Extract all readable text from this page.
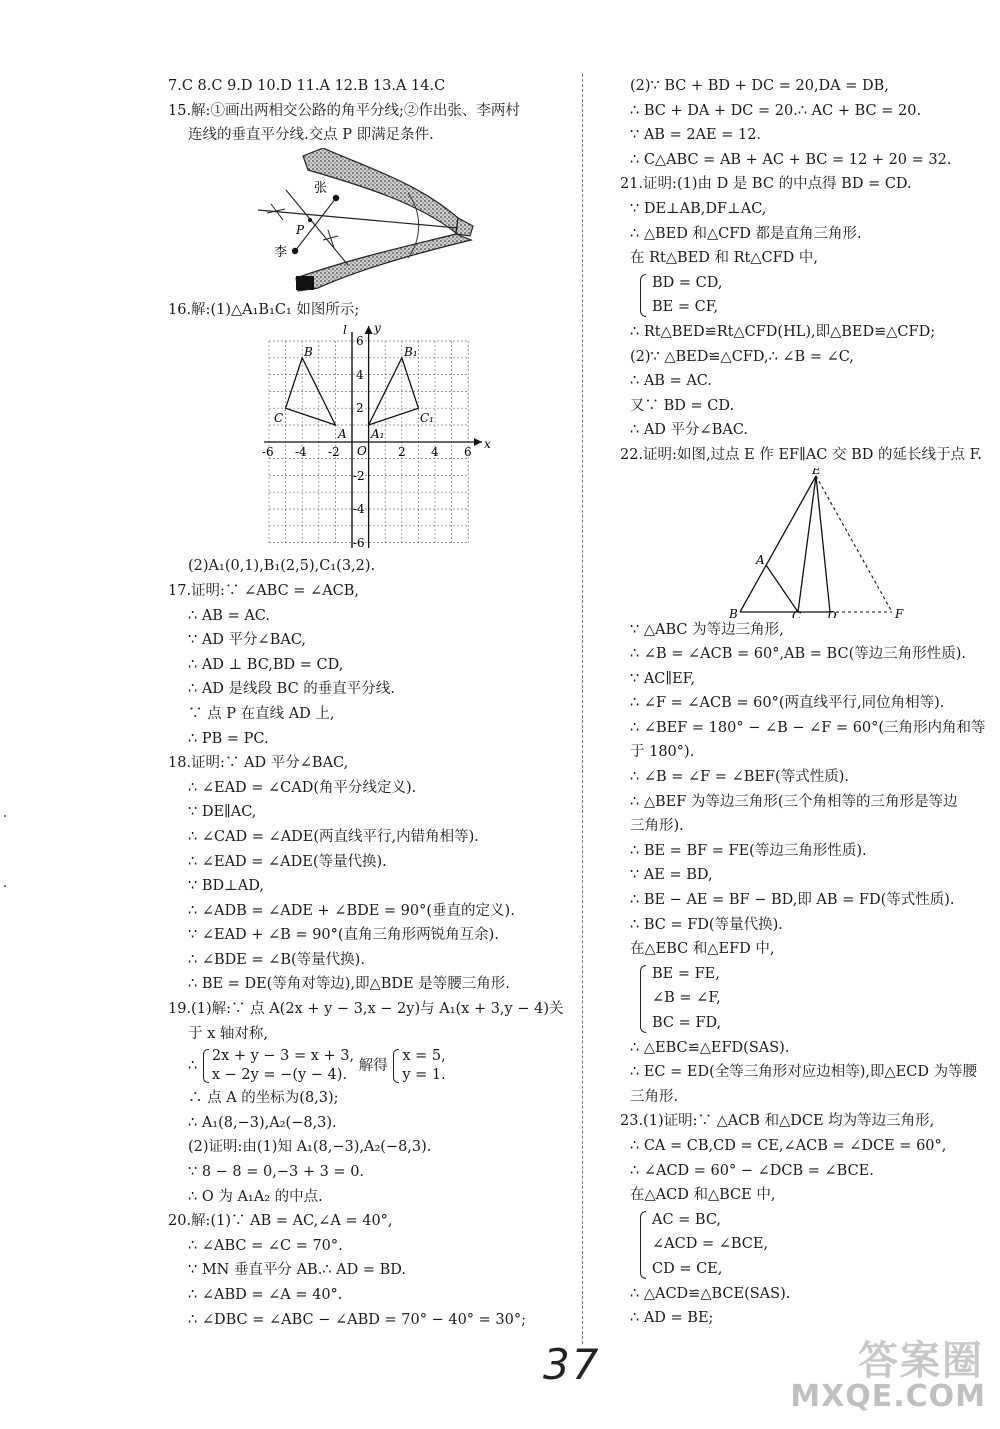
7.C 8.C 9.D 10.D 11.A 12.B 13.A 14.C
15.解:①画出两相交公路的角平分线;②作出张、李两村
连线的垂直平分线.交点 P 即满足条件.
张
李
P
16.解:(1)△A₁B₁C₁ 如图所示;
x
y
l
O
-6 -4 -2	2 4 6
6
4
2
-2
-4
-6
B
C
A
B₁
C₁
A₁
(2)A₁(0,1),B₁(2,5),C₁(3,2).
17.证明:∵ ∠ABC = ∠ACB,
∴ AB = AC.
∵ AD 平分∠BAC,
∴ AD ⊥ BC,BD = CD,
∴ AD 是线段 BC 的垂直平分线.
∵ 点 P 在直线 AD 上,
∴ PB = PC.
18.证明:∵ AD 平分∠BAC,
∴ ∠EAD = ∠CAD(角平分线定义).
∵ DE∥AC,
∴ ∠CAD = ∠ADE(两直线平行,内错角相等).
∴ ∠EAD = ∠ADE(等量代换).
∵ BD⊥AD,
∴ ∠ADB = ∠ADE + ∠BDE = 90°(垂直的定义).
∵ ∠EAD + ∠B = 90°(直角三角形两锐角互余).
∴ ∠BDE = ∠B(等量代换).
∴ BE = DE(等角对等边),即△BDE 是等腰三角形.
19.(1)解:∵ 点 A(2x + y − 3,x − 2y)与 A₁(x + 3,y − 4)关
于 x 轴对称,
∴
2x + y − 3 = x + 3,
x − 2y = −(y − 4).
解得
x = 5,
y = 1.
∴ 点 A 的坐标为(8,3);
∴ A₁(8,−3),A₂(−8,3).
(2)证明:由(1)知 A₁(8,−3),A₂(−8,3).
∵ 8 − 8 = 0,−3 + 3 = 0.
∴ O 为 A₁A₂ 的中点.
20.解:(1)∵ AB = AC,∠A = 40°,
∴ ∠ABC = ∠C = 70°.
∵ MN 垂直平分 AB.∴ AD = BD.
∴ ∠ABD = ∠A = 40°.
∴ ∠DBC = ∠ABC − ∠ABD = 70° − 40° = 30°;
(2)∵ BC + BD + DC = 20,DA = DB,
∴ BC + DA + DC = 20.∴ AC + BC = 20.
∵ AB = 2AE = 12.
∴ C△ABC = AB + AC + BC = 12 + 20 = 32.
21.证明:(1)由 D 是 BC 的中点得 BD = CD.
∵ DE⊥AB,DF⊥AC,
∴ △BED 和△CFD 都是直角三角形.
在 Rt△BED 和 Rt△CFD 中,
BD = CD,
BE = CF,
∴ Rt△BED≌Rt△CFD(HL),即△BED≌△CFD;
(2)∵ △BED≌△CFD,∴ ∠B = ∠C,
∴ AB = AC.
又∵ BD = CD.
∴ AD 平分∠BAC.
22.证明:如图,过点 E 作 EF∥AC 交 BD 的延长线于点 F.
E
A
B	C D	F
∵ △ABC 为等边三角形,
∴ ∠B = ∠ACB = 60°,AB = BC(等边三角形性质).
∵ AC∥EF,
∴ ∠F = ∠ACB = 60°(两直线平行,同位角相等).
∴ ∠BEF = 180° − ∠B − ∠F = 60°(三角形内角和等
于 180°).
∴ ∠B = ∠F = ∠BEF(等式性质).
∴ △BEF 为等边三角形(三个角相等的三角形是等边
三角形).
∴ BE = BF = FE(等边三角形性质).
∵ AE = BD,
∴ BE − AE = BF − BD,即 AB = FD(等式性质).
∴ BC = FD(等量代换).
在△EBC 和△EFD 中,
BE = FE,
∠B = ∠F,
BC = FD,
∴ △EBC≌△EFD(SAS).
∴ EC = ED(全等三角形对应边相等),即△ECD 为等腰
三角形.
23.(1)证明:∵ △ACB 和△DCE 均为等边三角形,
∴ CA = CB,CD = CE,∠ACB = ∠DCE = 60°,
∴ ∠ACD = 60° − ∠DCB = ∠BCE.
在△ACD 和△BCE 中,
AC = BC,
∠ACD = ∠BCE,
CD = CE,
∴ △ACD≌△BCE(SAS).
∴ AD = BE;
37	答案圈
MXQE.COM
